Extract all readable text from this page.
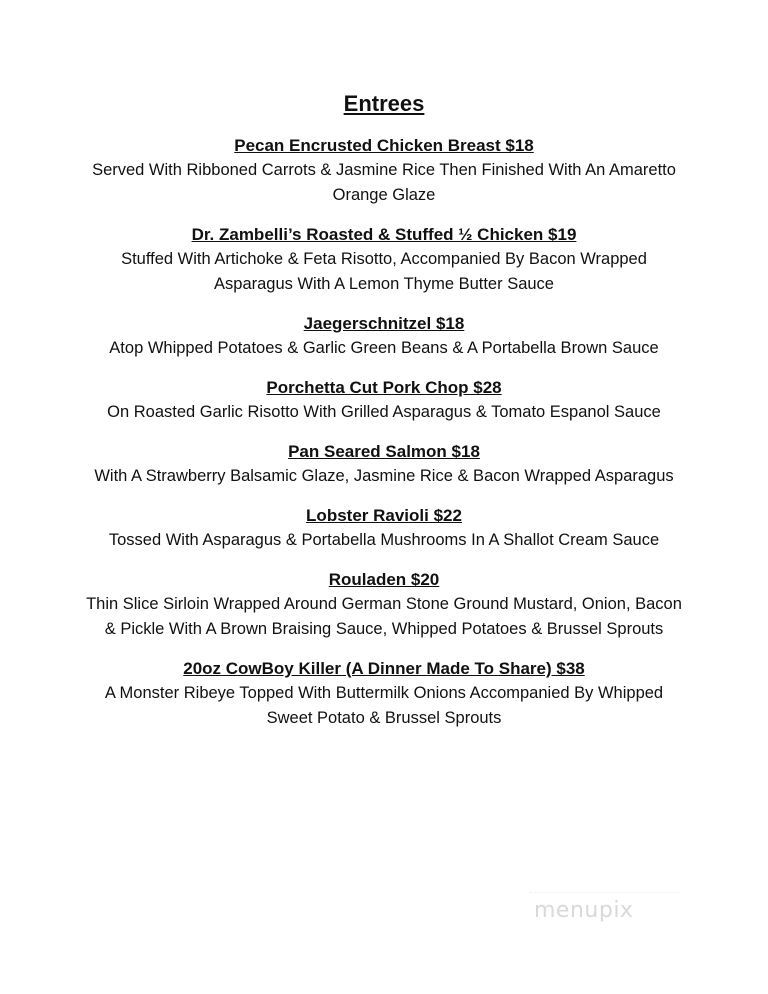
Entrees
Pecan Encrusted Chicken Breast $18
Served With Ribboned Carrots & Jasmine Rice Then Finished With An Amaretto Orange Glaze
Dr. Zambelli’s Roasted & Stuffed ½ Chicken $19
Stuffed With Artichoke & Feta Risotto, Accompanied By Bacon Wrapped Asparagus With A Lemon Thyme Butter Sauce
Jaegerschnitzel $18
Atop Whipped Potatoes & Garlic Green Beans & A Portabella Brown Sauce
Porchetta Cut Pork Chop $28
On Roasted Garlic Risotto With Grilled Asparagus & Tomato Espanol Sauce
Pan Seared Salmon $18
With A Strawberry Balsamic Glaze, Jasmine Rice & Bacon Wrapped Asparagus
Lobster Ravioli $22
Tossed With Asparagus & Portabella Mushrooms In A Shallot Cream Sauce
Rouladen $20
Thin Slice Sirloin Wrapped Around German Stone Ground Mustard, Onion, Bacon & Pickle With A Brown Braising Sauce, Whipped Potatoes & Brussel Sprouts
20oz CowBoy Killer (A Dinner Made To Share) $38
A Monster Ribeye Topped With Buttermilk Onions Accompanied By Whipped Sweet Potato & Brussel Sprouts
menupix
